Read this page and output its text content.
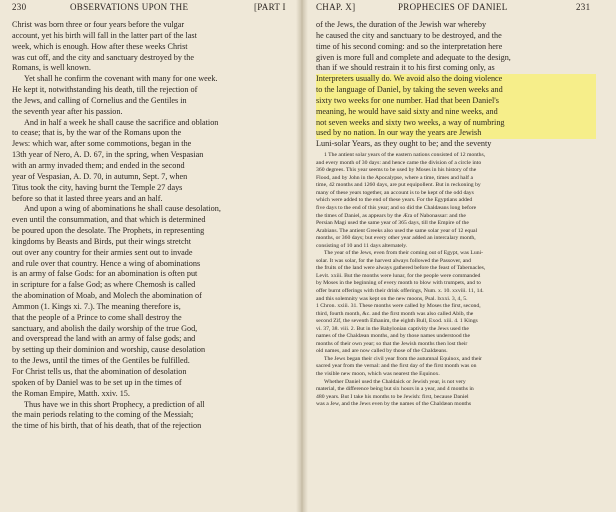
230	OBSERVATIONS UPON THE	[PART I

Christ was born three or four years before the vulgar

account, yet his birth will fall in the latter part of the last

week, which is enough. How after these weeks Christ

was cut off, and the city and sanctuary destroyed by the

Romans, is well known.

Yet shall he confirm the covenant with many for one week.

He kept it, notwithstanding his death, till the rejection of

the Jews, and calling of Cornelius and the Gentiles in

the seventh year after his passion.

And in half a week he shall cause the sacrifice and oblation

to cease; that is, by the war of the Romans upon the

Jews: which war, after some commotions, began in the

13th year of Nero, A. D. 67, in the spring, when Vespasian

with an army invaded them; and ended in the second

year of Vespasian, A. D. 70, in autumn, Sept. 7, when

Titus took the city, having burnt the Temple 27 days

before so that it lasted three years and an half.

And upon a wing of abominations he shall cause desolation,

even until the consummation, and that which is determined

be poured upon the desolate. The Prophets, in representing

kingdoms by Beasts and Birds, put their wings stretcht

out over any country for their armies sent out to invade

and rule over that country. Hence a wing of abominations

is an army of false Gods: for an abomination is often put

in scripture for a false God; as where Chemosh is called

the abomination of Moab, and Molech the abomination of

Ammon (1. Kings xi. 7.). The meaning therefore is,

that the people of a Prince to come shall destroy the

sanctuary, and abolish the daily worship of the true God,

and overspread the land with an army of false gods; and

by setting up their dominion and worship, cause desolation

to the Jews, until the times of the Gentiles be fulfilled.

For Christ tells us, that the abomination of desolation

spoken of by Daniel was to be set up in the times of

the Roman Empire, Matth. xxiv. 15.

Thus have we in this short Prophecy, a prediction of all

the main periods relating to the coming of the Messiah;

the time of his birth, that of his death, that of the rejection

CHAP. X]	PROPHECIES OF DANIEL	231

of the Jews, the duration of the Jewish war whereby

he caused the city and sanctuary to be destroyed, and the

time of his second coming: and so the interpretation here

given is more full and complete and adequate to the design,

than if we should restrain it to his first coming only, as

Interpreters usually do. We avoid also the doing violence

to the language of Daniel, by taking the seven weeks and

sixty two weeks for one number. Had that been Daniel's

meaning, he would have said sixty and nine weeks, and

not seven weeks and sixty two weeks, a way of numbring

used by no nation. In our way the years are Jewish

Luni-solar Years, as they ought to be; and the seventy

1 The antient solar years of the eastern nations consisted of 12 months,

and every month of 30 days: and hence came the division of a circle into

360 degrees. This year seems to be used by Moses in his history of the

Flood, and by John in the Apocalypse, where a time, times and half a

time, 42 months and 1260 days, are put equipollent. But in reckoning by

many of these years together, an account is to be kept of the odd days

which were added to the end of these years. For the Egyptians added

five days to the end of this year; and so did the Chaldæans long before

the times of Daniel, as appears by the Æra of Nabonassar: and the

Persian Magi used the same year of 365 days, till the Empire of the

Arabians. The antient Greeks also used the same solar year of 12 equal

months, or 360 days; but every other year added an intercalary month,

consisting of 10 and 11 days alternately.

The year of the Jews, even from their coming out of Egypt, was Luni-

solar. It was solar, for the harvest always followed the Passover, and

the fruits of the land were always gathered before the feast of Tabernacles,

Levit. xxiii. But the months were lunar, for the people were commanded

by Moses in the beginning of every month to blow with trumpets, and to

offer burnt offerings with their drink offerings, Num. x. 10. xxviii. 11, 14.

and this solemnity was kept on the new moons, Psal. lxxxi. 3, 4, 5.

1 Chron. xxiii. 31. These months were called by Moses the first, second,

third, fourth month, &c. and the first month was also called Abib, the

second Zif, the seventh Ethanim, the eighth Bull, Exod. xiii. 4. 1 Kings

vi. 37, 38. viii. 2. But in the Babylonian captivity the Jews used the

names of the Chaldæan months, and by those names understood the

months of their own year; so that the Jewish months then lost their

old names, and are now called by those of the Chaldæans.

The Jews began their civil year from the autumnal Equinox, and their

sacred year from the vernal: and the first day of the first month was on

the visible new moon, which was nearest the Equinox.

Whether Daniel used the Chaldaick or Jewish year, is not very

material, the difference being but six hours in a year, and 4 months in

480 years. But I take his months to be Jewish: first, because Daniel

was a Jew, and the Jews even by the names of the Chaldæan months
